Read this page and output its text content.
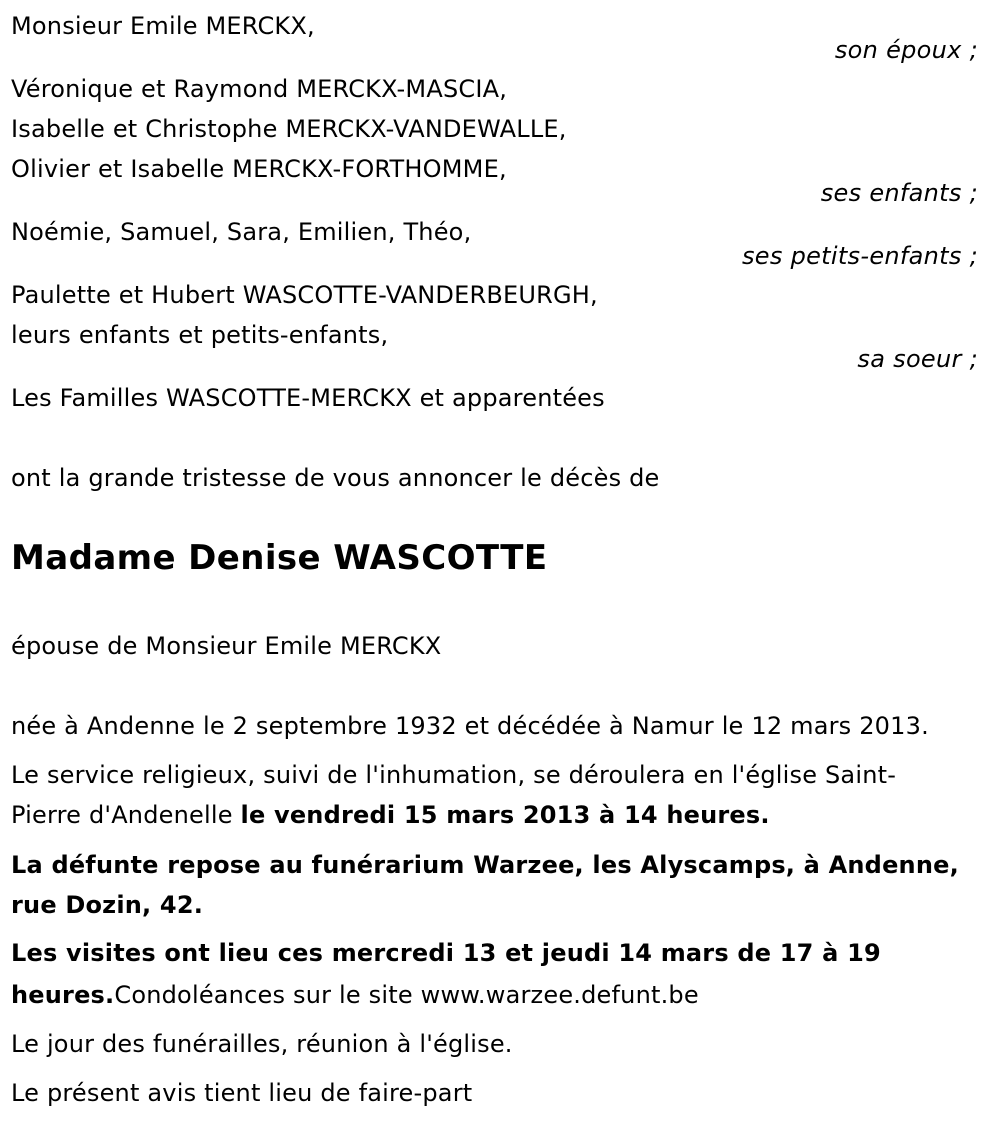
Monsieur Emile MERCKX,
son époux ;
Véronique et Raymond MERCKX-MASCIA,
Isabelle et Christophe MERCKX-VANDEWALLE,
Olivier et Isabelle MERCKX-FORTHOMME,
ses enfants ;
Noémie, Samuel, Sara, Emilien, Théo,
ses petits-enfants ;
Paulette et Hubert WASCOTTE-VANDERBEURGH,
leurs enfants et petits-enfants,
sa soeur ;
Les Familles WASCOTTE-MERCKX et apparentées
ont la grande tristesse de vous annoncer le décès de
Madame Denise WASCOTTE
épouse de Monsieur Emile MERCKX
née à Andenne le 2 septembre 1932 et décédée à Namur le 12 mars 2013.
Le service religieux, suivi de l'inhumation, se déroulera en l'église Saint-
Pierre d'Andenelle le vendredi 15 mars 2013 à 14 heures.
La défunte repose au funérarium Warzee, les Alyscamps, à Andenne,
rue Dozin, 42.
Les visites ont lieu ces mercredi 13 et jeudi 14 mars de 17 à 19
heures.Condoléances sur le site www.warzee.defunt.be
Le jour des funérailles, réunion à l'église.
Le présent avis tient lieu de faire-part
